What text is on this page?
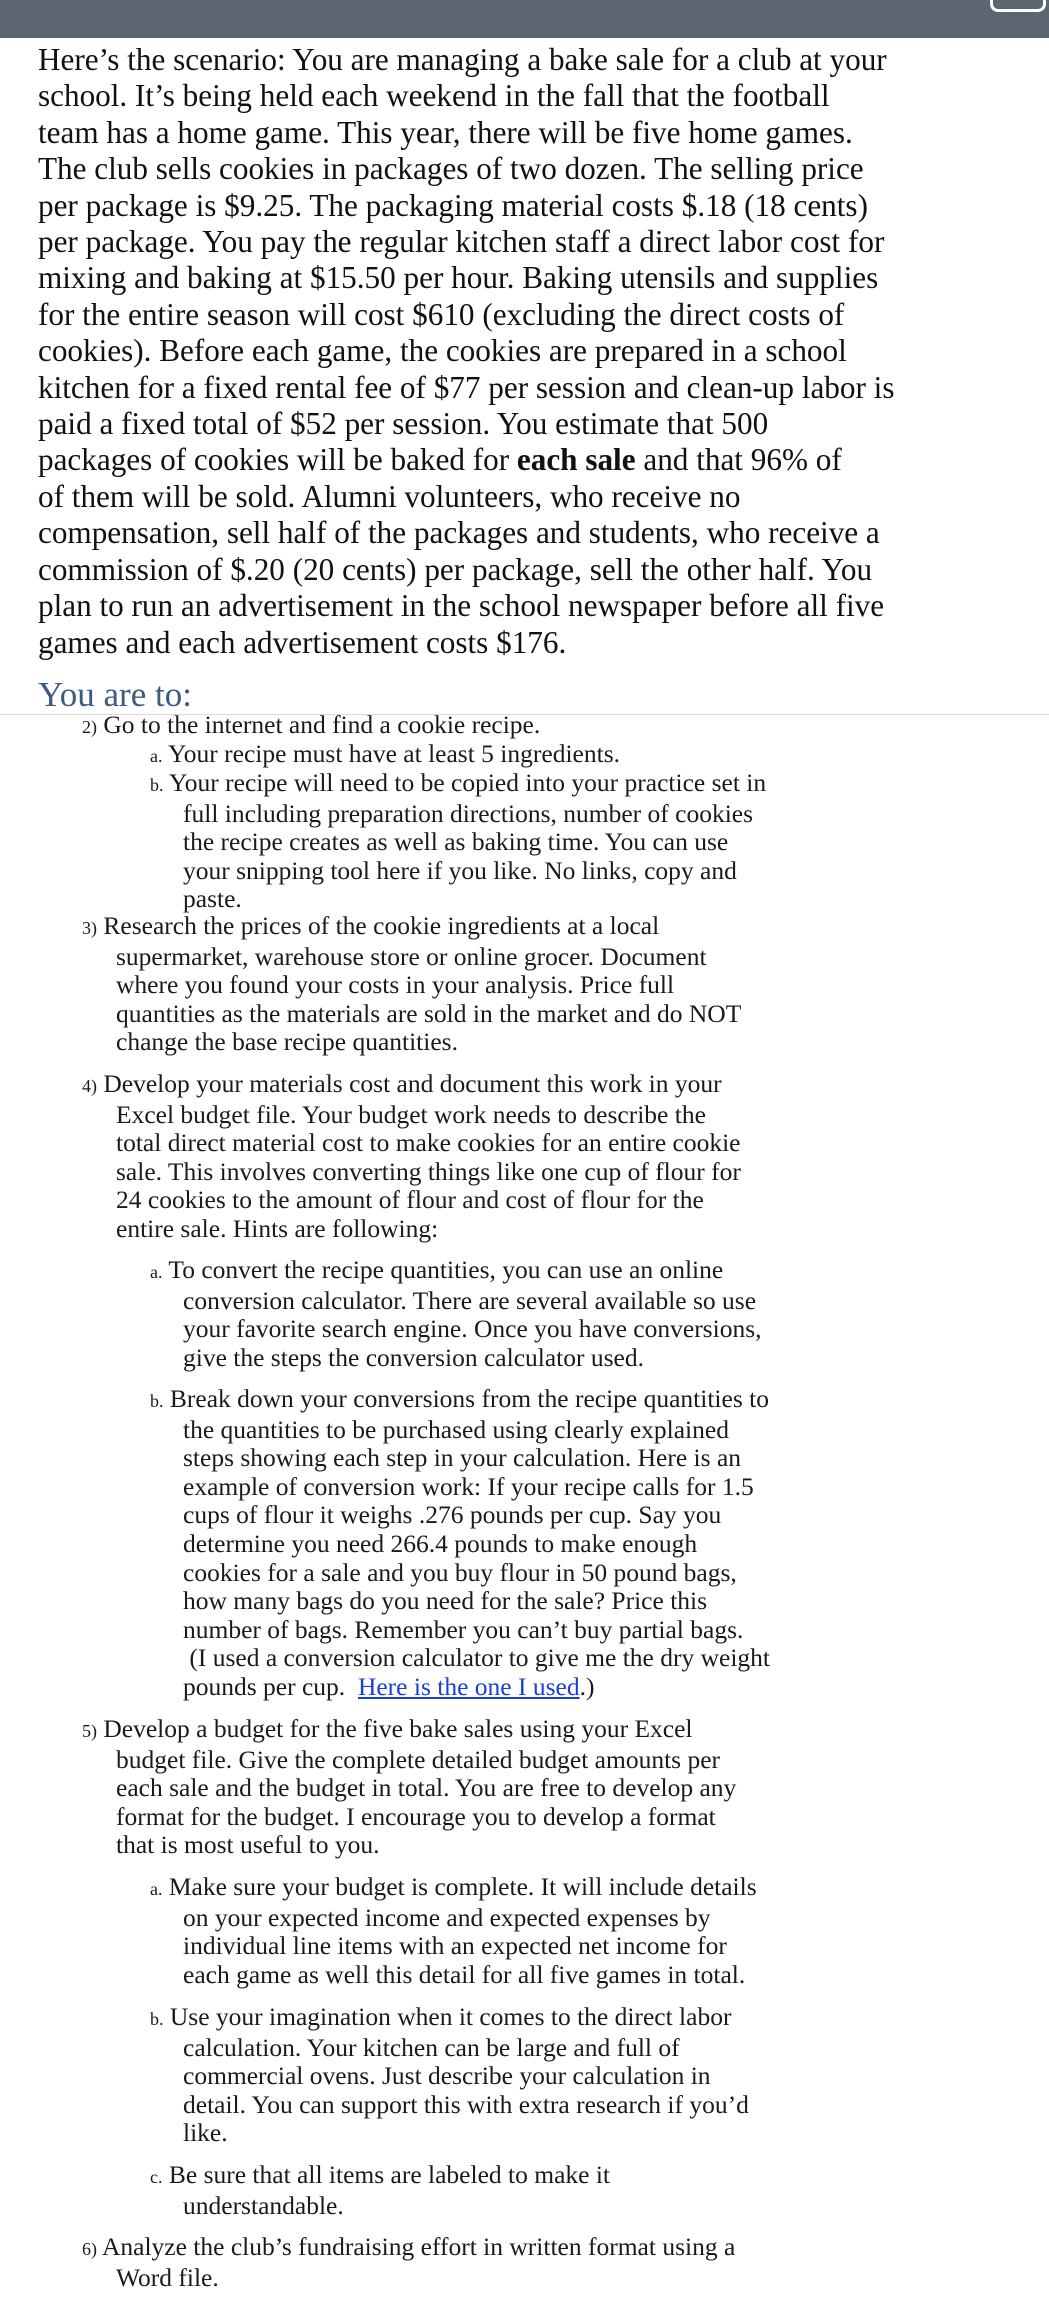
Here’s the scenario: You are managing a bake sale for a club at your
school. It’s being held each weekend in the fall that the football
team has a home game. This year, there will be five home games.
The club sells cookies in packages of two dozen. The selling price
per package is $9.25. The packaging material costs $.18 (18 cents)
per package. You pay the regular kitchen staff a direct labor cost for
mixing and baking at $15.50 per hour. Baking utensils and supplies
for the entire season will cost $610 (excluding the direct costs of
cookies). Before each game, the cookies are prepared in a school
kitchen for a fixed rental fee of $77 per session and clean-up labor is
paid a fixed total of $52 per session. You estimate that 500
packages of cookies will be baked for each sale and that 96% of
of them will be sold. Alumni volunteers, who receive no
compensation, sell half of the packages and students, who receive a
commission of $.20 (20 cents) per package, sell the other half. You
plan to run an advertisement in the school newspaper before all five
games and each advertisement costs $176.
You are to:
2) Go to the internet and find a cookie recipe.
a. Your recipe must have at least 5 ingredients.
b. Your recipe will need to be copied into your practice set in
full including preparation directions, number of cookies
the recipe creates as well as baking time. You can use
your snipping tool here if you like. No links, copy and
paste.
3) Research the prices of the cookie ingredients at a local
supermarket, warehouse store or online grocer. Document
where you found your costs in your analysis. Price full
quantities as the materials are sold in the market and do NOT
change the base recipe quantities.
4) Develop your materials cost and document this work in your
Excel budget file. Your budget work needs to describe the
total direct material cost to make cookies for an entire cookie
sale. This involves converting things like one cup of flour for
24 cookies to the amount of flour and cost of flour for the
entire sale. Hints are following:
a. To convert the recipe quantities, you can use an online
conversion calculator. There are several available so use
your favorite search engine. Once you have conversions,
give the steps the conversion calculator used.
b. Break down your conversions from the recipe quantities to
the quantities to be purchased using clearly explained
steps showing each step in your calculation. Here is an
example of conversion work: If your recipe calls for 1.5
cups of flour it weighs .276 pounds per cup. Say you
determine you need 266.4 pounds to make enough
cookies for a sale and you buy flour in 50 pound bags,
how many bags do you need for the sale? Price this
number of bags. Remember you can’t buy partial bags.
(I used a conversion calculator to give me the dry weight
pounds per cup.  Here is the one I used.)
5) Develop a budget for the five bake sales using your Excel
budget file. Give the complete detailed budget amounts per
each sale and the budget in total. You are free to develop any
format for the budget. I encourage you to develop a format
that is most useful to you.
a. Make sure your budget is complete. It will include details
on your expected income and expected expenses by
individual line items with an expected net income for
each game as well this detail for all five games in total.
b. Use your imagination when it comes to the direct labor
calculation. Your kitchen can be large and full of
commercial ovens. Just describe your calculation in
detail. You can support this with extra research if you’d
like.
c. Be sure that all items are labeled to make it
understandable.
6) Analyze the club’s fundraising effort in written format using a
Word file.
